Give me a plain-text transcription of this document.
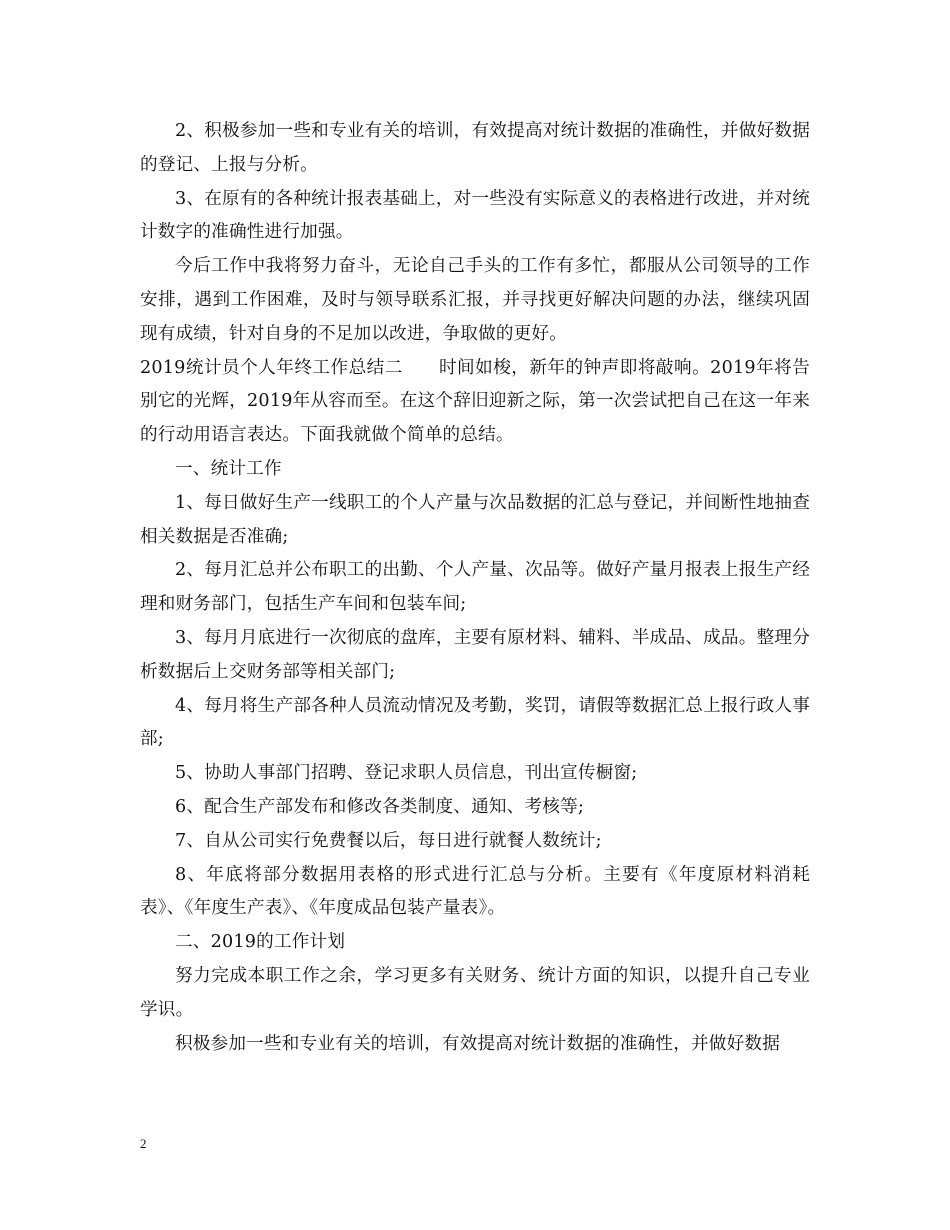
2、积极参加一些和专业有关的培训，有效提高对统计数据的准确性，并做好数据的登记、上报与分析。

3、在原有的各种统计报表基础上，对一些没有实际意义的表格进行改进，并对统计数字的准确性进行加强。

今后工作中我将努力奋斗，无论自己手头的工作有多忙，都服从公司领导的工作安排，遇到工作困难，及时与领导联系汇报，并寻找更好解决问题的办法，继续巩固现有成绩，针对自身的不足加以改进，争取做的更好。

2019统计员个人年终工作总结二　　时间如梭，新年的钟声即将敲响。2019年将告别它的光辉，2019年从容而至。在这个辞旧迎新之际，第一次尝试把自己在这一年来的行动用语言表达。下面我就做个简单的总结。

一、统计工作

1、每日做好生产一线职工的个人产量与次品数据的汇总与登记，并间断性地抽查相关数据是否准确;

2、每月汇总并公布职工的出勤、个人产量、次品等。做好产量月报表上报生产经理和财务部门，包括生产车间和包装车间;

3、每月月底进行一次彻底的盘库，主要有原材料、辅料、半成品、成品。整理分析数据后上交财务部等相关部门;

4、每月将生产部各种人员流动情况及考勤，奖罚，请假等数据汇总上报行政人事部;

5、协助人事部门招聘、登记求职人员信息，刊出宣传橱窗;

6、配合生产部发布和修改各类制度、通知、考核等;

7、自从公司实行免费餐以后，每日进行就餐人数统计;

8、年底将部分数据用表格的形式进行汇总与分析。主要有《年度原材料消耗表》、《年度生产表》、《年度成品包装产量表》。

二、2019的工作计划

努力完成本职工作之余，学习更多有关财务、统计方面的知识，以提升自己专业学识。

积极参加一些和专业有关的培训，有效提高对统计数据的准确性，并做好数据

2
